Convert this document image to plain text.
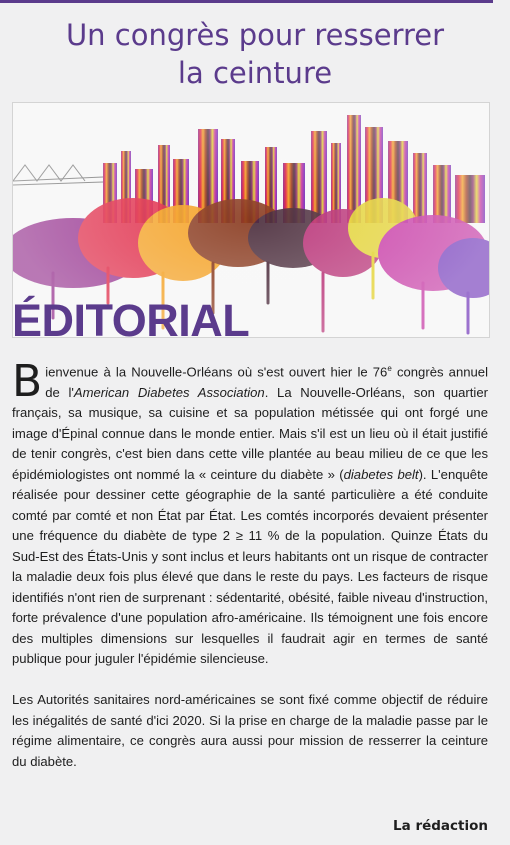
Un congrès pour resserrer
la ceinture
ÉDITORIAL

Bienvenue à la Nouvelle-Orléans où s'est ouvert hier le 76e congrès annuel de l'American Diabetes Association. La Nouvelle-Orléans, son quartier français, sa musique, sa cuisine et sa population métissée qui ont forgé une image d'Épinal connue dans le monde entier. Mais s'il est un lieu où il était justifié de tenir congrès, c'est bien dans cette ville plantée au beau milieu de ce que les épidémiologistes ont nommé la « ceinture du diabète » (diabetes belt). L'enquête réalisée pour dessiner cette géographie de la santé particulière a été conduite comté par comté et non État par État. Les comtés incorporés devaient présenter une fréquence du diabète de type 2 ≥ 11 % de la population. Quinze États du Sud-Est des États-Unis y sont inclus et leurs habitants ont un risque de contracter la maladie deux fois plus élevé que dans le reste du pays. Les facteurs de risque identifiés n'ont rien de surprenant : sédentarité, obésité, faible niveau d'instruction, forte prévalence d'une population afro-américaine. Ils témoignent une fois encore des multiples dimensions sur lesquelles il faudrait agir en termes de santé publique pour juguler l'épidémie silencieuse.

Les Autorités sanitaires nord-américaines se sont fixé comme objectif de réduire les inégalités de santé d'ici 2020. Si la prise en charge de la maladie passe par le régime alimentaire, ce congrès aura aussi pour mission de resserrer la ceinture du diabète.

La rédaction
